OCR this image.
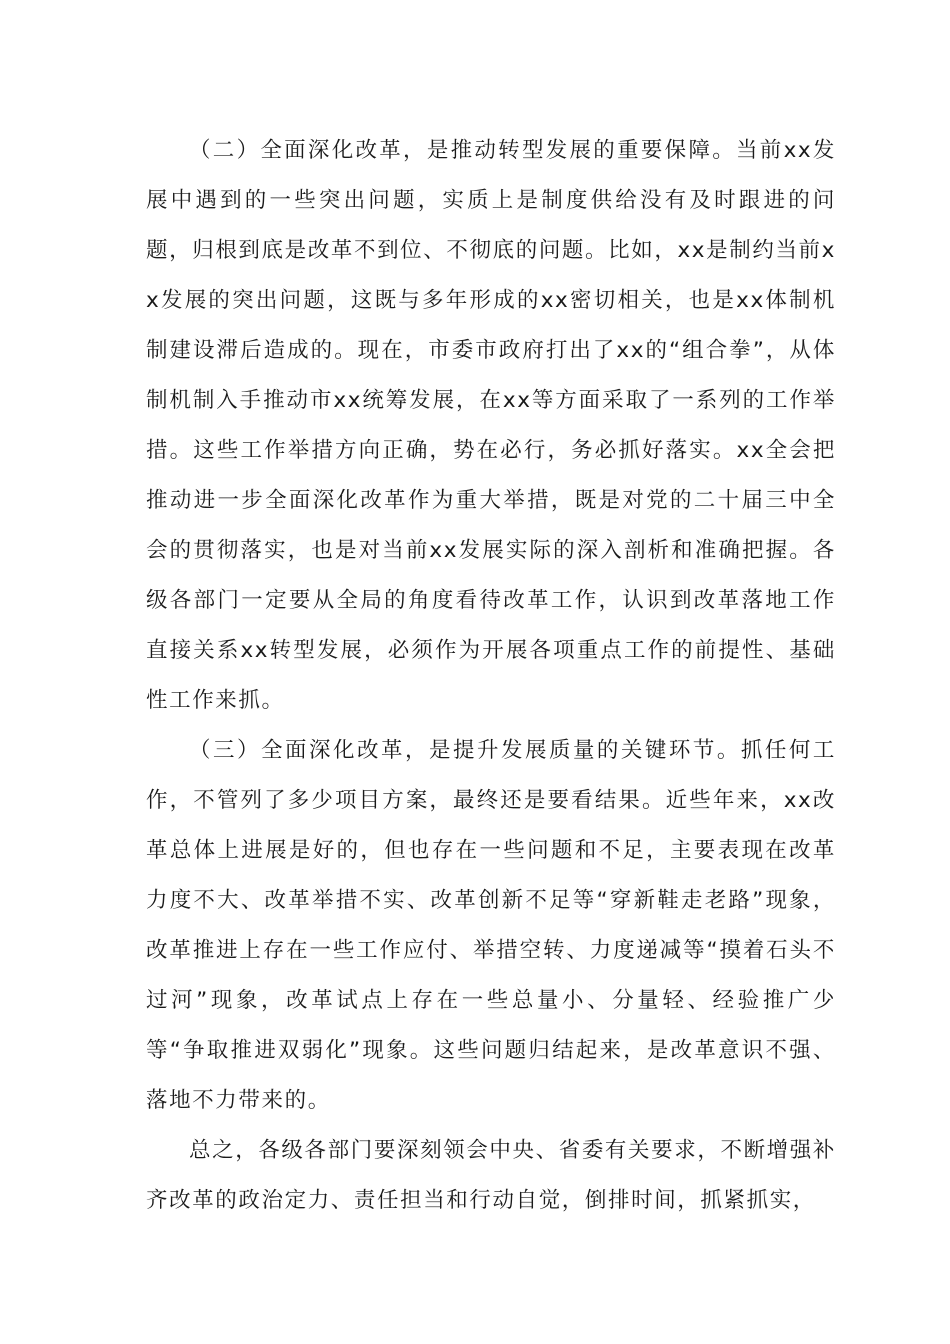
（二）全面深化改革，是推动转型发展的重要保障。当前xx发展中遇到的一些突出问题，实质上是制度供给没有及时跟进的问题，归根到底是改革不到位、不彻底的问题。比如，xx是制约当前xx发展的突出问题，这既与多年形成的xx密切相关，也是xx体制机制建设滞后造成的。现在，市委市政府打出了xx的“组合拳”，从体制机制入手推动市xx统筹发展，在xx等方面采取了一系列的工作举措。这些工作举措方向正确，势在必行，务必抓好落实。xx全会把推动进一步全面深化改革作为重大举措，既是对党的二十届三中全会的贯彻落实，也是对当前xx发展实际的深入剖析和准确把握。各级各部门一定要从全局的角度看待改革工作，认识到改革落地工作直接关系xx转型发展，必须作为开展各项重点工作的前提性、基础性工作来抓。

（三）全面深化改革，是提升发展质量的关键环节。抓任何工作，不管列了多少项目方案，最终还是要看结果。近些年来，xx改革总体上进展是好的，但也存在一些问题和不足，主要表现在改革力度不大、改革举措不实、改革创新不足等“穿新鞋走老路”现象，改革推进上存在一些工作应付、举措空转、力度递减等“摸着石头不过河”现象，改革试点上存在一些总量小、分量轻、经验推广少等“争取推进双弱化”现象。这些问题归结起来，是改革意识不强、落地不力带来的。

总之，各级各部门要深刻领会中央、省委有关要求，不断增强补齐改革的政治定力、责任担当和行动自觉，倒排时间，抓紧抓实，
